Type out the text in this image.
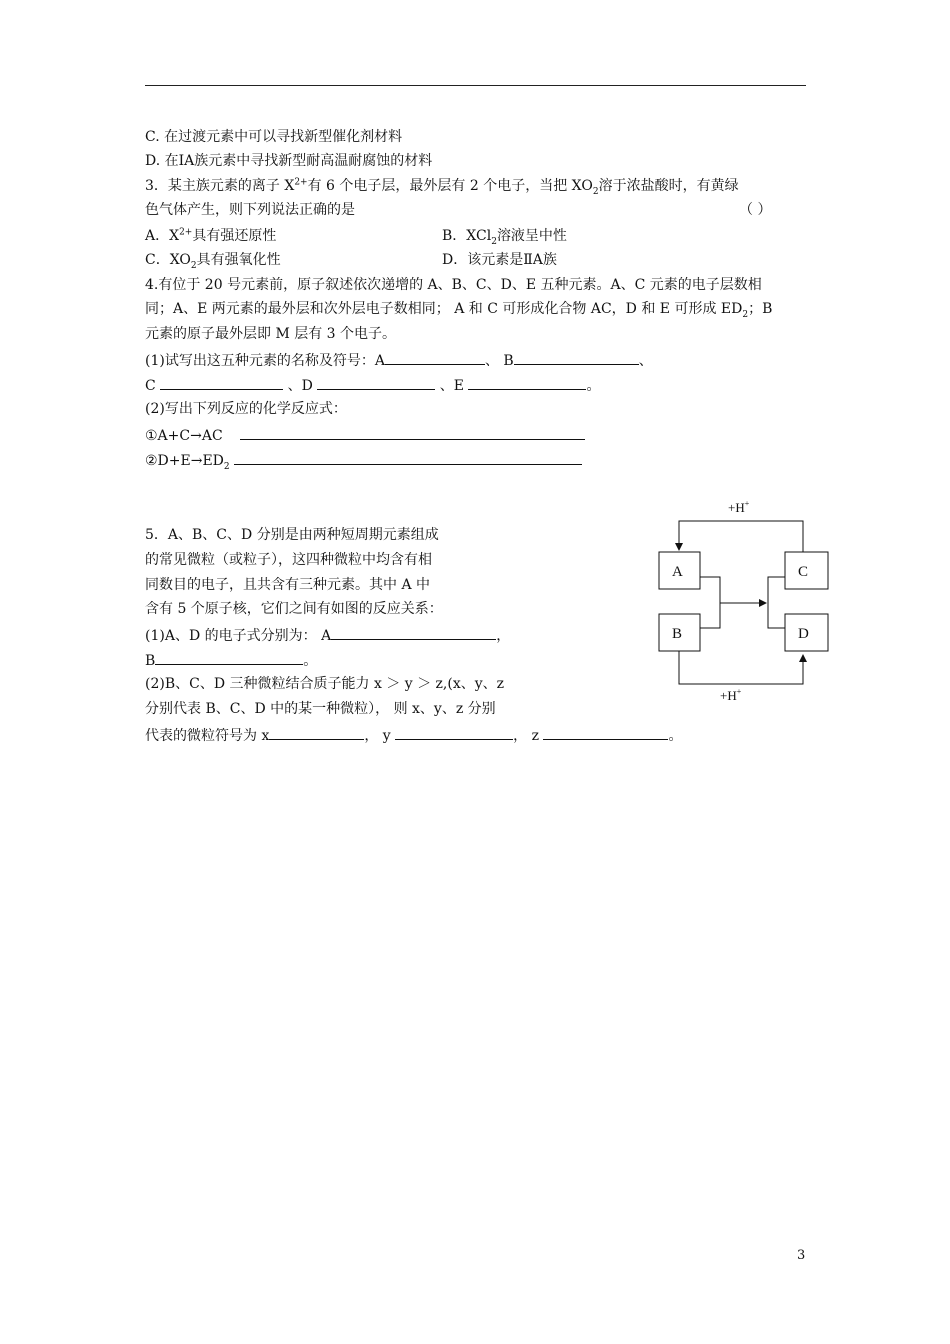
C. 在过渡元素中可以寻找新型催化剂材料
D. 在IA族元素中寻找新型耐高温耐腐蚀的材料
3．某主族元素的离子 $X^{2+}$有 6 个电子层，最外层有 2 个电子，当把 $XO_2$溶于浓盐酸时，有黄绿
色气体产生，则下列说法正确的是	（ ）
A．$X^{2+}$具有强还原性	B．XCl$_2$溶液呈中性
C．$XO_2$具有强氧化性	D．该元素是ⅡA族
4.有位于 20 号元素前，原子叙述依次递增的 A、B、C、D、E 五种元素。A、C 元素的电子层数相
同；A、E 两元素的最外层和次外层电子数相同； A 和 C 可形成化合物 AC，D 和 E 可形成 $ED_2$；B
元素的原子最外层即 M 层有 3 个电子。
(1)试写出这五种元素的名称及符号：A	、 B	、
C	、D	、E	。
(2)写出下列反应的化学反应式：
①A+C→AC
$②D+E\to ED_2$
5．A、B、C、D 分别是由两种短周期元素组成
的常见微粒（或粒子），这四种微粒中均含有相
同数目的电子，且共含有三种元素。其中 A 中
含有 5 个原子核，它们之间有如图的反应关系：
(1)A、D 的电子式分别为： A	，
B	。
(2)B、C、D 三种微粒结合质子能力 x ＞ y ＞ z,(x、y、z
分别代表 B、C、D 中的某一种微粒）， 则 x、y、z 分别
代表的微粒符号为 x	， y	， z	。
A
B
C
D
+H+
+H+
3
